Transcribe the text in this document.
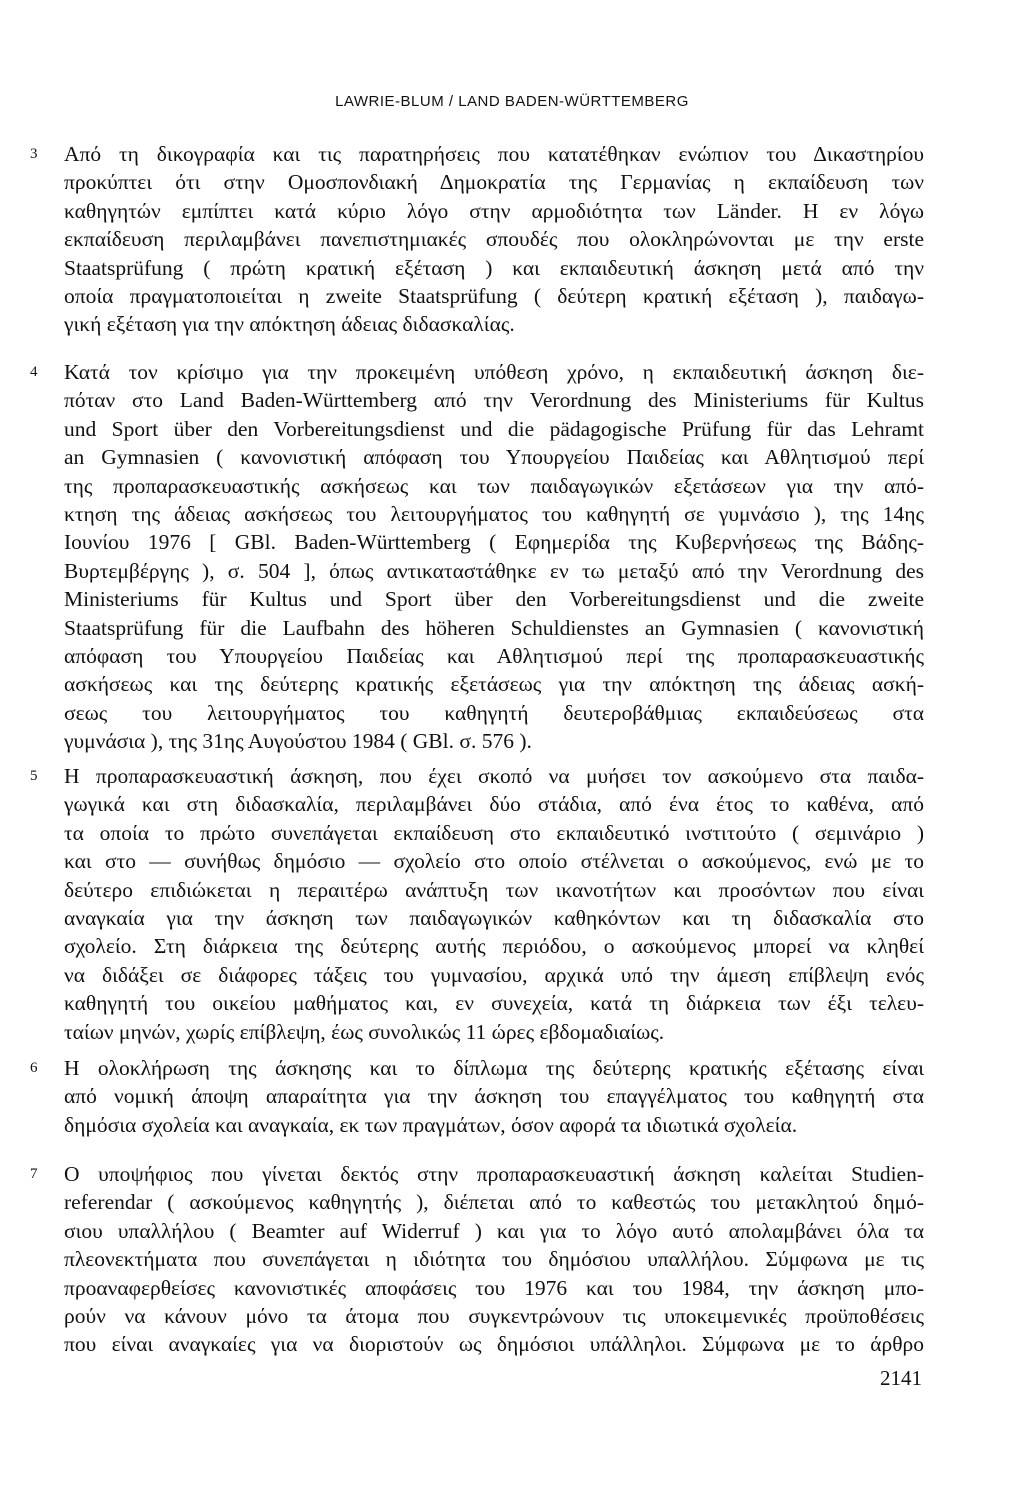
LAWRIE-BLUM / LAND BADEN-WÜRTTEMBERG
3 Από τη δικογραφία και τις παρατηρήσεις που κατατέθηκαν ενώπιον του Δικαστηρίου
προκύπτει ότι στην Ομοσπονδιακή Δημοκρατία της Γερμανίας η εκπαίδευση των
καθηγητών εμπίπτει κατά κύριο λόγο στην αρμοδιότητα των Länder. Η εν λόγω
εκπαίδευση περιλαμβάνει πανεπιστημιακές σπουδές που ολοκληρώνονται με την erste
Staatsprüfung ( πρώτη κρατική εξέταση ) και εκπαιδευτική άσκηση μετά από την
οποία πραγματοποιείται η zweite Staatsprüfung ( δεύτερη κρατική εξέταση ), παιδαγω-
γική εξέταση για την απόκτηση άδειας διδασκαλίας.
4 Κατά τον κρίσιμο για την προκειμένη υπόθεση χρόνο, η εκπαιδευτική άσκηση διε-
πόταν στο Land Baden-Württemberg από την Verordnung des Ministeriums für Kultus
und Sport über den Vorbereitungsdienst und die pädagogische Prüfung für das Lehramt
an Gymnasien ( κανονιστική απόφαση του Υπουργείου Παιδείας και Αθλητισμού περί
της προπαρασκευαστικής ασκήσεως και των παιδαγωγικών εξετάσεων για την από-
κτηση της άδειας ασκήσεως του λειτουργήματος του καθηγητή σε γυμνάσιο ), της 14ης
Ιουνίου 1976 [ GBl. Baden-Württemberg ( Εφημερίδα της Κυβερνήσεως της Βάδης-
Βυρτεμβέργης ), σ. 504 ], όπως αντικαταστάθηκε εν τω μεταξύ από την Verordnung des
Ministeriums für Kultus und Sport über den Vorbereitungsdienst und die zweite
Staatsprüfung für die Laufbahn des höheren Schuldienstes an Gymnasien ( κανονιστική
απόφαση του Υπουργείου Παιδείας και Αθλητισμού περί της προπαρασκευαστικής
ασκήσεως και της δεύτερης κρατικής εξετάσεως για την απόκτηση της άδειας ασκή-
σεως του λειτουργήματος του καθηγητή δευτεροβάθμιας εκπαιδεύσεως στα
γυμνάσια ), της 31ης Αυγούστου 1984 ( GBl. σ. 576 ).
5 Η προπαρασκευαστική άσκηση, που έχει σκοπό να μυήσει τον ασκούμενο στα παιδα-
γωγικά και στη διδασκαλία, περιλαμβάνει δύο στάδια, από ένα έτος το καθένα, από
τα οποία το πρώτο συνεπάγεται εκπαίδευση στο εκπαιδευτικό ινστιτούτο ( σεμινάριο )
και στο — συνήθως δημόσιο — σχολείο στο οποίο στέλνεται ο ασκούμενος, ενώ με το
δεύτερο επιδιώκεται η περαιτέρω ανάπτυξη των ικανοτήτων και προσόντων που είναι
αναγκαία για την άσκηση των παιδαγωγικών καθηκόντων και τη διδασκαλία στο
σχολείο. Στη διάρκεια της δεύτερης αυτής περιόδου, ο ασκούμενος μπορεί να κληθεί
να διδάξει σε διάφορες τάξεις του γυμνασίου, αρχικά υπό την άμεση επίβλεψη ενός
καθηγητή του οικείου μαθήματος και, εν συνεχεία, κατά τη διάρκεια των έξι τελευ-
ταίων μηνών, χωρίς επίβλεψη, έως συνολικώς 11 ώρες εβδομαδιαίως.
6 Η ολοκλήρωση της άσκησης και το δίπλωμα της δεύτερης κρατικής εξέτασης είναι
από νομική άποψη απαραίτητα για την άσκηση του επαγγέλματος του καθηγητή στα
δημόσια σχολεία και αναγκαία, εκ των πραγμάτων, όσον αφορά τα ιδιωτικά σχολεία.
7 Ο υποψήφιος που γίνεται δεκτός στην προπαρασκευαστική άσκηση καλείται Studien-
referendar ( ασκούμενος καθηγητής ), διέπεται από το καθεστώς του μετακλητού δημό-
σιου υπαλλήλου ( Beamter auf Widerruf ) και για το λόγο αυτό απολαμβάνει όλα τα
πλεονεκτήματα που συνεπάγεται η ιδιότητα του δημόσιου υπαλλήλου. Σύμφωνα με τις
προαναφερθείσες κανονιστικές αποφάσεις του 1976 και του 1984, την άσκηση μπο-
ρούν να κάνουν μόνο τα άτομα που συγκεντρώνουν τις υποκειμενικές προϋποθέσεις
που είναι αναγκαίες για να διοριστούν ως δημόσιοι υπάλληλοι. Σύμφωνα με το άρθρο
2141
